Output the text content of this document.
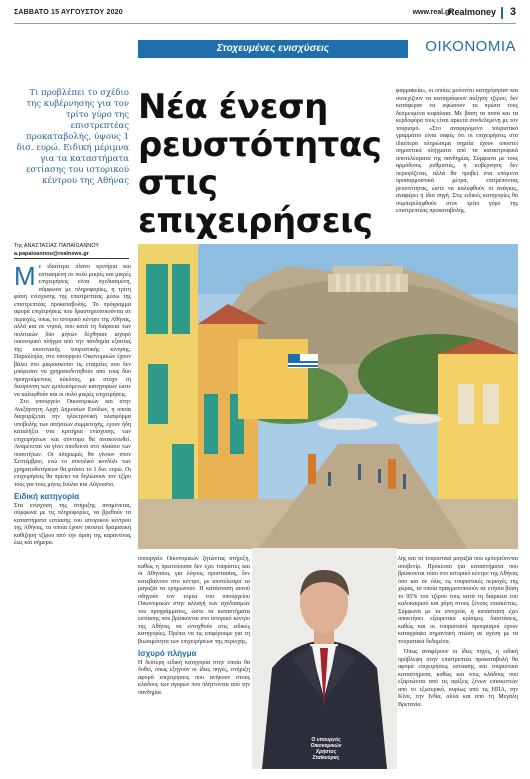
ΣΑΒΒΑΤΟ 15 ΑΥΓΟΥΣΤΟΥ 2020	www.real.gr
Realmoney 3
Στοχευμένες ενισχύσεις	ΟΙΚΟΝΟΜΙΑ
Τι προβλέπει το σχέδιο της κυβέρνησης για τον τρίτο γύρο της επιστρεπτέας προκαταβολής, ύψους 1 δισ. ευρώ. Ειδική μέριμνα για τα καταστήματα εστίασης του ιστορικού κέντρου της Αθήνας
Της ΑΝΑΣΤΑΣΙΑΣ ΠΑΠΑΪΩΑΝΝΟΥ
a.papaioannou@realnews.gr
Νέα ένεση
ρευστότητας
στις επιχειρήσεις

φαρμακεία», οι οποίες μολονότι κατηγόρησαν και συνεχίζουν να καταγράφουν αύξηση τζίρου, δεν κατάφεραν να υψώσουν τα πρώτα τους δεσμευμένα κεφάλαια. Με βάση τα ποσά και τα κερδοφόρα τους είναι αρκετά συνδεδεμένη με τον τουρισμό. «Στο αναφερόμενο τουριστικό γραμμάτιο είναι σαφές ότι οι επιχειρήσεις στα ιδιαίτερα πληρώσιμα σημεία έχουν υποστεί σημαντικά πλήγματα από τα καταστροφικά αποτελέσματα της πανδημίας. Σύμφωνα με τους αρμόδιους ρυθμιστές, η κυβέρνηση δεν περιορίζεται, αλλά θα προβεί στα επόμενα προσαρμοστικά μέτρα, επιτρέποντας ρευστότητας, ώστε να καλυφθούν οι ανάγκες, αναφέρει η ίδια πηγή. Στις ειδικές κατηγορίες θα συμπεριληφθούν στον τρίτο γύρο της επιστρεπτέας προκαταβολής.

Μ ε ιδιαίτερα πλανο κριτήρια και εστιασμένη σε πολύ μικρές και μικρές επιχειρήσεις είναι σχεδιασμένη, σύμφωνα με πληροφορίες, η τρίτη φάση ενίσχυσης της επιστρεπτέας μέσω της επιστρεπτέας προκαταβολής. Το πρόγραμμα αφορά επιχειρήσεις που δραστηριοποιούνται σε περιοχές, όπως το ιστορικό κέντρο της Αθήνας, αλλά και σε νησιά, που κατά τη διάρκεια των πολιτικών δύο μηνών δέχθηκαν ισχυρό οικονομικό πλήγμα από την πανδημία εξαιτίας της υποτονικής τουριστικής κίνησης. Παράλληλα, στο υπουργείο Οικονομικών έχουν βάλει στο μικροσκόπιο τις εταιρείες που δεν μπόρεσαν να χρηματοδοτηθούν από τους δύο προηγούμενους κύκλους, με στόχο τη διεύρυνση των εμπλεκόμενων κατηγοριών ώστε να καλυφθούν και οι πολύ μικρές επιχειρήσεις.

Στο υπουργείο Οικονομικών και στην Ανεξάρτητη Αρχή Δημοσίων Εσόδων, η οποία διαχειρίζεται την ηλεκτρονική πλατφόρμα υποβολής των αιτήσεων συμμετοχής, έχουν ήδη καταλήξει στα κριτήρια ενίσχυσης των επιχειρήσεων και σύντομα θα ανακοινωθεί. Αναμένεται να γίνει αποδεκτό στο πλαίσιο των ποσοτήτων. Οι πληρωμές θα γίνουν στον Σεπτέμβριο, ενώ το συνολικό κονδύλι των χρηματοδοτήσεων θα φτάσει το 1 δισ. ευρώ. Οι επιχειρήσεις θα πρέπει να δηλώσουν τον τζίρο τους για τους μήνες Ιούλιο και Αύγουστο.

Ειδική κατηγορία

Στα ενίσχυση της στήριξης αναμένεται, σύμφωνα με τις πληροφορίες, να βρεθούν τα καταστήματα εστίασης του ιστορικού κέντρου της Αθήνας, τα οποία έχουν υποστεί δραματική καθίζηση τζίρου από την άρση της καραντίνας έως και σήμερα.

υπουργείο Οικονομικών ζητώντας στήριξη, καθώς η πρωτεύουσα δεν έχει τουρίστες και οι Αθηναίοι, για λόγους προστασίας, δεν κατεβαίνουν στο κέντρο, με αποτέλεσμα τα μαγαζιά να ερημώνουν. Η κατάσταση αυτού οδηγούν τον τομέα του υπουργείου Οικονομικών στην αλλαγή των σχεδιασμών του προγράμματος, ώστε τα καταστήματα εστίασης που βρίσκονται στο ιστορικό κέντρο της Αθήνας να ενταχθούν στις ειδικές κατηγορίες. Πρέπει να τις επιφέρουμε για τη βιωσιμότητα των επιχειρήσεων της περιοχής.

Ισχυρό πλήγμα

Η δεύτερη ειδική κατηγορία στην οποία θα δοθεί, όπως εξηγούν οι ίδιες πηγές, στήριξη αφορά επιχειρήσεις που ανήκουν στους κλάδους των αγορών που πλήττονται από την πανδημία.

Ο υπουργός
Οικονομικών
Χρήστος
Σταϊκούρας

λης και τα τουριστικά μαγαζιά που εμπορεύονται σουβενίρ. Πρόκειται για καταστήματα που βρίσκονται τόσο στο ιστορικό κέντρο της Αθήνας όσο και σε όλες τις τουριστικές περιοχές της χώρας, τα οποία πραγματοποιούν σε ετήσια βάση το 95% του τζίρου τους κατά τη διάρκεια του καλοκαιριού και χάρη στους ξένους επισκέπτες. Σύμφωνα με τα στοιχεία, η κατάσταση έχει αποκτήσει εξαιρετικά κρίσιμες διαστάσεις, καθώς και οι τουριστικοί προορισμοί έχουν καταγράψει σημαντική πτώση σε σχέση με τα τουριστικά δεδομένα.

Όπως αναφέρουν οι ίδιες πηγές, η ειδική πρόβλεψη στην επιστρεπτέα προκαταβολή θα αφορά επιχειρήσεις εστίασης και τουριστικά καταστήματα, καθώς και τους κλάδους που εξαρτώνται από τις αφίξεις ξένων επισκεπτών από το εξωτερικό, κυρίως από τις ΗΠΑ, την Κίνα, την Ινδία, αλλά και από τη Μεγάλη Βρετανία.
